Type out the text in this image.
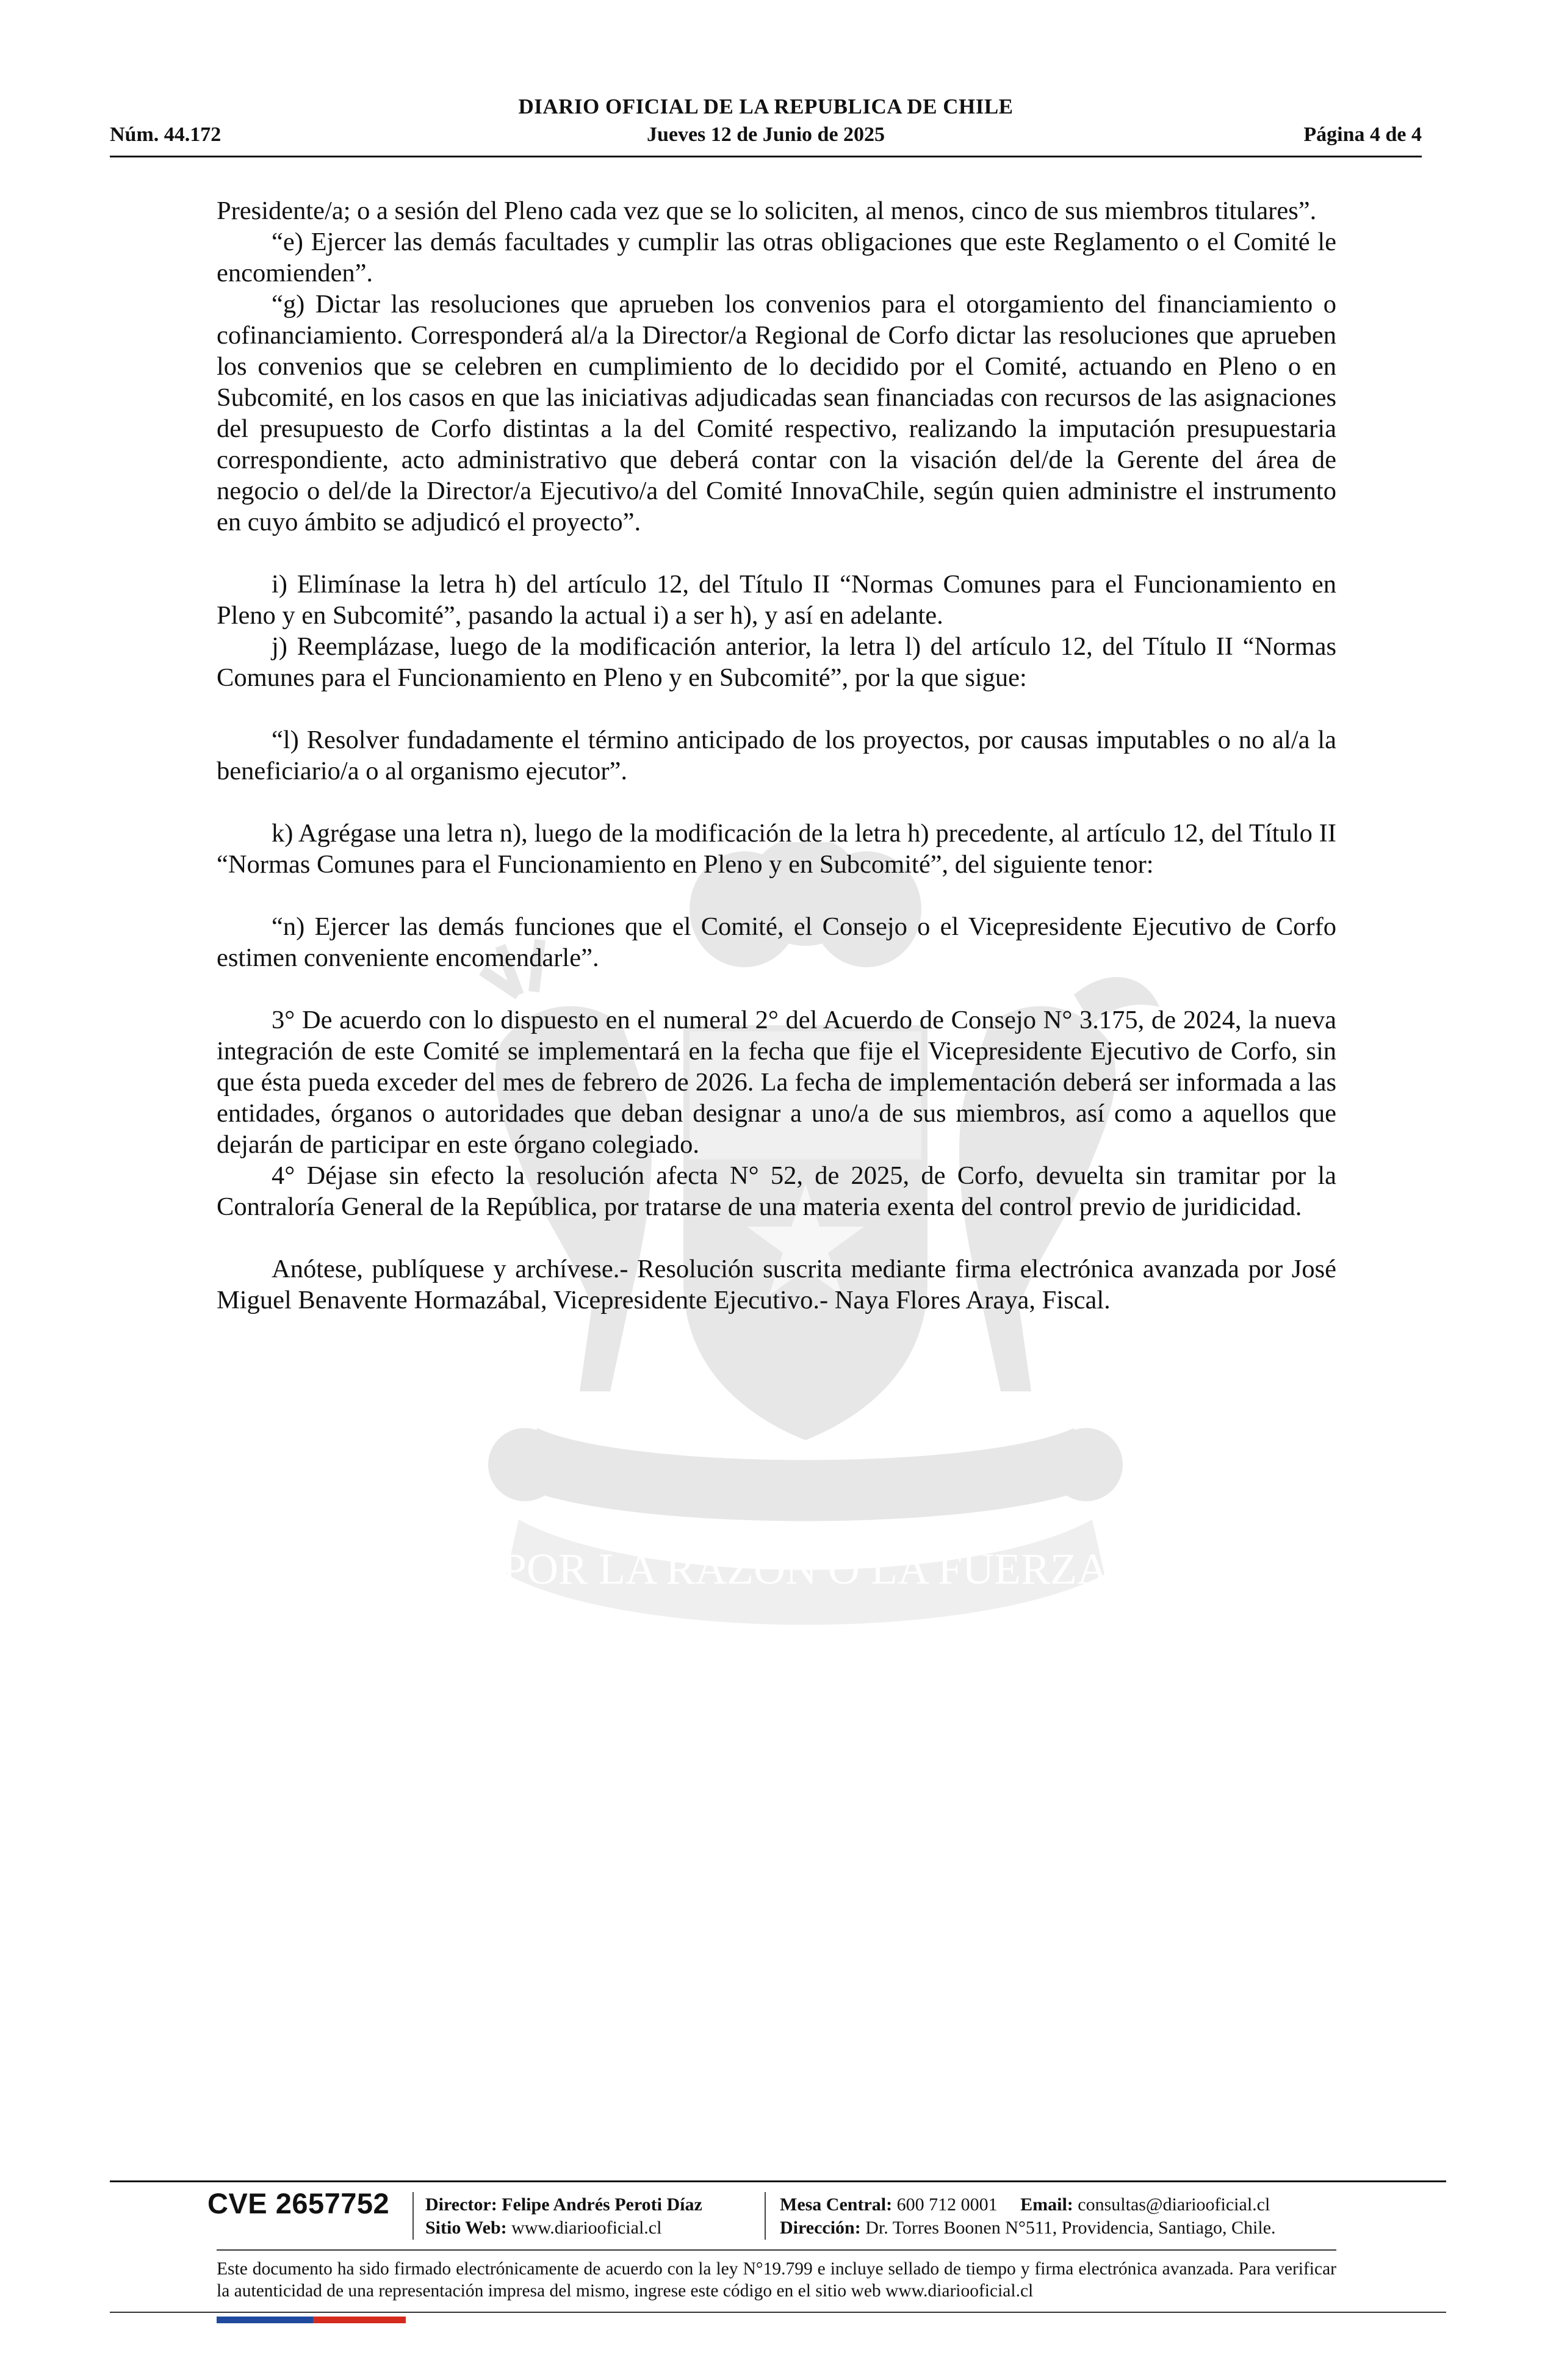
DIARIO OFICIAL DE LA REPUBLICA DE CHILE
Núm. 44.172	Jueves 12 de Junio de 2025	Página 4 de 4
POR LA RAZON O LA FUERZA

Presidente/a; o a sesión del Pleno cada vez que se lo soliciten, al menos, cinco de sus miembros titulares”.

“e) Ejercer las demás facultades y cumplir las otras obligaciones que este Reglamento o el Comité le encomienden”.

“g) Dictar las resoluciones que aprueben los convenios para el otorgamiento del financiamiento o cofinanciamiento. Corresponderá al/a la Director/a Regional de Corfo dictar las resoluciones que aprueben los convenios que se celebren en cumplimiento de lo decidido por el Comité, actuando en Pleno o en Subcomité, en los casos en que las iniciativas adjudicadas sean financiadas con recursos de las asignaciones del presupuesto de Corfo distintas a la del Comité respectivo, realizando la imputación presupuestaria correspondiente, acto administrativo que deberá contar con la visación del/de la Gerente del área de negocio o del/de la Director/a Ejecutivo/a del Comité InnovaChile, según quien administre el instrumento en cuyo ámbito se adjudicó el proyecto”.

i) Elimínase la letra h) del artículo 12, del Título II “Normas Comunes para el Funcionamiento en Pleno y en Subcomité”, pasando la actual i) a ser h), y así en adelante.

j) Reemplázase, luego de la modificación anterior, la letra l) del artículo 12, del Título II “Normas Comunes para el Funcionamiento en Pleno y en Subcomité”, por la que sigue:

“l) Resolver fundadamente el término anticipado de los proyectos, por causas imputables o no al/a la beneficiario/a o al organismo ejecutor”.

k) Agrégase una letra n), luego de la modificación de la letra h) precedente, al artículo 12, del Título II “Normas Comunes para el Funcionamiento en Pleno y en Subcomité”, del siguiente tenor:

“n) Ejercer las demás funciones que el Comité, el Consejo o el Vicepresidente Ejecutivo de Corfo estimen conveniente encomendarle”.

3° De acuerdo con lo dispuesto en el numeral 2° del Acuerdo de Consejo N° 3.175, de 2024, la nueva integración de este Comité se implementará en la fecha que fije el Vicepresidente Ejecutivo de Corfo, sin que ésta pueda exceder del mes de febrero de 2026. La fecha de implementación deberá ser informada a las entidades, órganos o autoridades que deban designar a uno/a de sus miembros, así como a aquellos que dejarán de participar en este órgano colegiado.

4° Déjase sin efecto la resolución afecta N° 52, de 2025, de Corfo, devuelta sin tramitar por la Contraloría General de la República, por tratarse de una materia exenta del control previo de juridicidad.

Anótese, publíquese y archívese.- Resolución suscrita mediante firma electrónica avanzada por José Miguel Benavente Hormazábal, Vicepresidente Ejecutivo.- Naya Flores Araya, Fiscal.

CVE 2657752 Director: Felipe Andrés Peroti Díaz
Sitio Web: www.diariooficial.cl
Mesa Central: 600 712 0001 Email: consultas@diariooficial.cl
Dirección: Dr. Torres Boonen N°511, Providencia, Santiago, Chile.
Este documento ha sido firmado electrónicamente de acuerdo con la ley N°19.799 e incluye sellado de tiempo y firma electrónica avanzada. Para verificar la autenticidad de una representación impresa del mismo, ingrese este código en el sitio web www.diariooficial.cl
